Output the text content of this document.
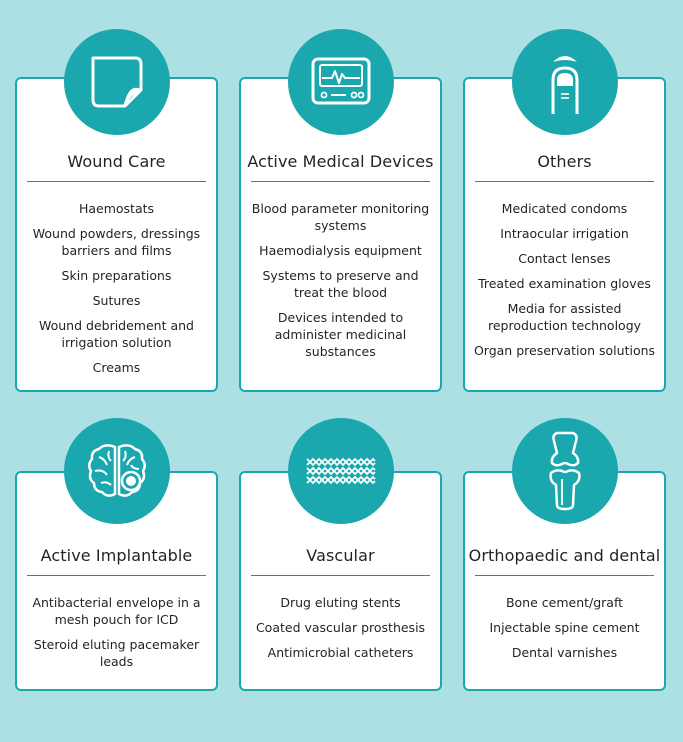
Wound Care
Haemostats
Wound powders, dressings barriers and films
Skin preparations
Sutures
Wound debridement and irrigation solution
Creams
Active Medical Devices
Blood parameter monitoring systems
Haemodialysis equipment
Systems to preserve and treat the blood
Devices intended to administer medicinal substances
Others
Medicated condoms
Intraocular irrigation
Contact lenses
Treated examination gloves
Media for assisted reproduction technology
Organ preservation solutions
Active Implantable
Antibacterial envelope in a mesh pouch for ICD
Steroid eluting pacemaker leads
Vascular
Drug eluting stents
Coated vascular prosthesis
Antimicrobial catheters
Orthopaedic and dental
Bone cement/graft
Injectable spine cement
Dental varnishes
